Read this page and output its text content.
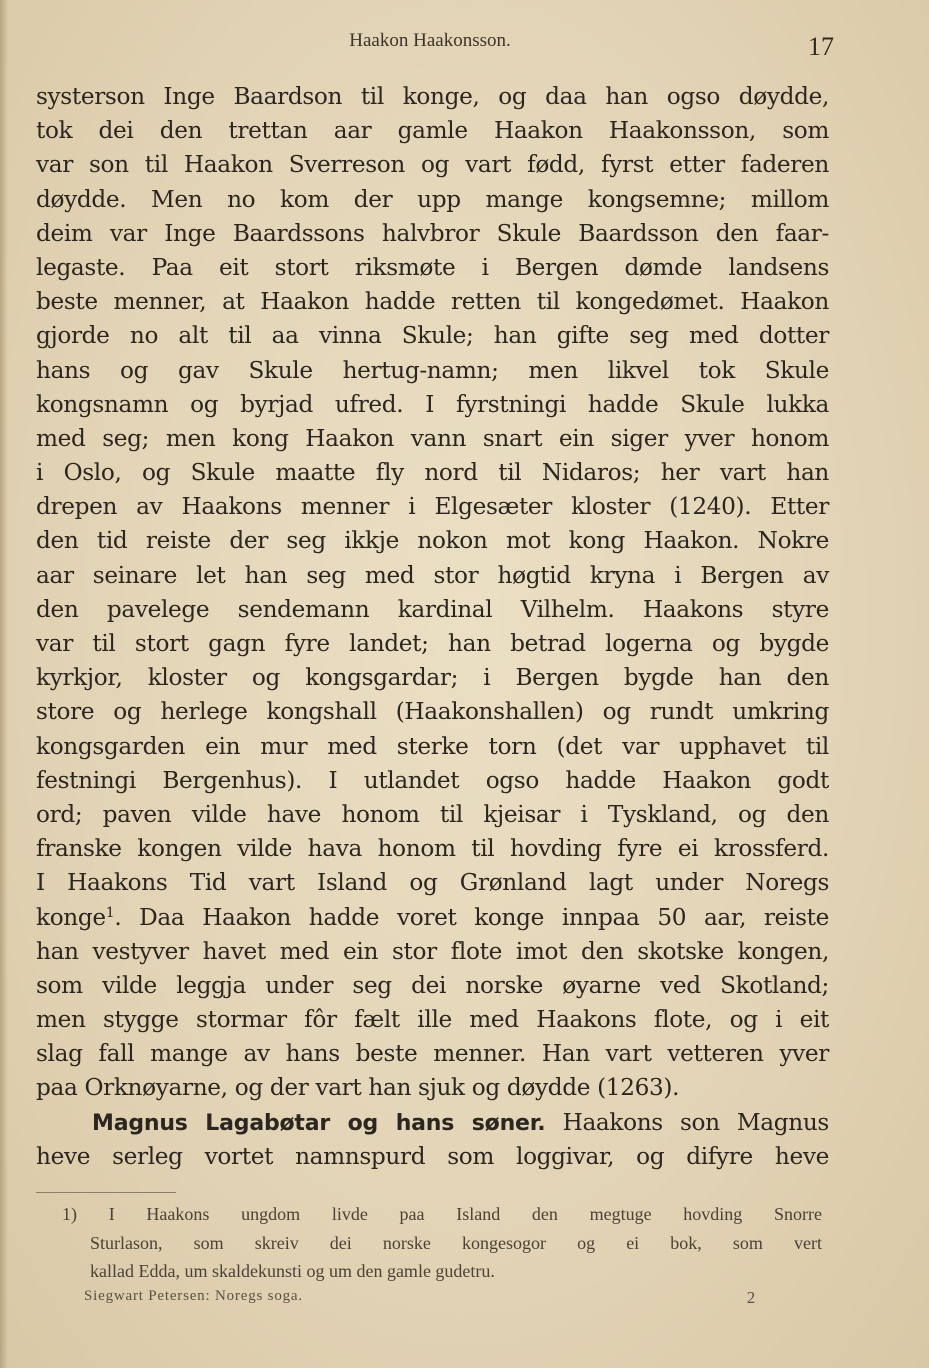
Haakon Haakonsson.	17
systerson Inge Baardson til konge, og daa han ogso døydde,
tok dei den trettan aar gamle Haakon Haakonsson, som
var son til Haakon Sverreson og vart fødd, fyrst etter faderen
døydde. Men no kom der upp mange kongsemne; millom
deim var Inge Baardssons halvbror Skule Baardsson den faar-
legaste. Paa eit stort riksmøte i Bergen dømde landsens
beste menner, at Haakon hadde retten til kongedømet. Haakon
gjorde no alt til aa vinna Skule; han gifte seg med dotter
hans og gav Skule hertug-namn; men likvel tok Skule
kongsnamn og byrjad ufred. I fyrstningi hadde Skule lukka
med seg; men kong Haakon vann snart ein siger yver honom
i Oslo, og Skule maatte fly nord til Nidaros; her vart han
drepen av Haakons menner i Elgesæter kloster (1240). Etter
den tid reiste der seg ikkje nokon mot kong Haakon. Nokre
aar seinare let han seg med stor høgtid kryna i Bergen av
den pavelege sendemann kardinal Vilhelm. Haakons styre
var til stort gagn fyre landet; han betrad logerna og bygde
kyrkjor, kloster og kongsgardar; i Bergen bygde han den
store og herlege kongshall (Haakonshallen) og rundt umkring
kongsgarden ein mur med sterke torn (det var upphavet til
festningi Bergenhus). I utlandet ogso hadde Haakon godt
ord; paven vilde have honom til kjeisar i Tyskland, og den
franske kongen vilde hava honom til hovding fyre ei krossferd.
I Haakons Tid vart Island og Grønland lagt under Noregs
konge$^1$. Daa Haakon hadde voret konge innpaa 50 aar, reiste
han vestyver havet med ein stor flote imot den skotske kongen,
som vilde leggja under seg dei norske øyarne ved Skotland;
men stygge stormar fôr fælt ille med Haakons flote, og i eit
slag fall mange av hans beste menner. Han vart vetteren yver
paa Orknøyarne, og der vart han sjuk og døydde (1263).
Magnus Lagabøtar og hans søner. Haakons son Magnus
heve serleg vortet namnspurd som loggivar, og difyre heve
1) I Haakons ungdom livde paa Island den megtuge hovding Snorre
Sturlason, som skreiv dei norske kongesogor og ei bok, som vert
kallad Edda, um skaldekunsti og um den gamle gudetru.
Siegwart Petersen: Noregs soga.	2
